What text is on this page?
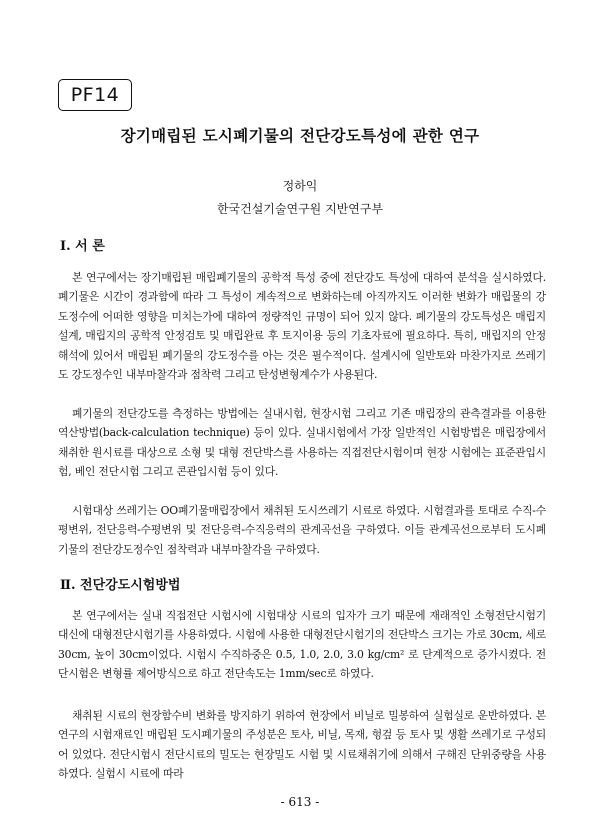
PF14
장기매립된 도시폐기물의 전단강도특성에 관한 연구
정하익
한국건설기술연구원 지반연구부
Ⅰ. 서 론

본 연구에서는 장기매립된 매립폐기물의 공학적 특성 중에 전단강도 특성에 대하여 분석을 실시하였다. 폐기물은 시간이 경과함에 따라 그 특성이 계속적으로 변화하는데 아직까지도 이러한 변화가 매립물의 강도정수에 어떠한 영향을 미치는가에 대하여 정량적인 규명이 되어 있지 않다. 폐기물의 강도특성은 매립지 설계, 매립지의 공학적 안정검토 및 매립완료 후 토지이용 등의 기초자료에 필요하다. 특히, 매립지의 안정해석에 있어서 매립된 폐기물의 강도정수를 아는 것은 필수적이다. 설계시에 일반토와 마찬가지로 쓰레기도 강도정수인 내부마찰각과 점착력 그리고 탄성변형계수가 사용된다.

폐기물의 전단강도를 측정하는 방법에는 실내시험, 현장시험 그리고 기존 매립장의 관측결과를 이용한 역산방법(back-calculation technique) 등이 있다. 실내시험에서 가장 일반적인 시험방법은 매립장에서 채취한 원시료를 대상으로 소형 및 대형 전단박스를 사용하는 직접전단시험이며 현장 시험에는 표준관입시험, 베인 전단시험 그리고 콘관입시험 등이 있다.

시험대상 쓰레기는 OO폐기물매립장에서 채취된 도시쓰레기 시료로 하였다. 시험결과를 토대로 수직-수평변위, 전단응력-수평변위 및 전단응력-수직응력의 관계곡선을 구하였다. 이들 관계곡선으로부터 도시폐기물의 전단강도정수인 점착력과 내부마찰각을 구하였다.

Ⅱ. 전단강도시험방법

본 연구에서는 실내 직접전단 시험시에 시험대상 시료의 입자가 크기 때문에 재래적인 소형전단시험기 대신에 대형전단시험기를 사용하였다. 시험에 사용한 대형전단시험기의 전단박스 크기는 가로 30cm, 세로 30cm, 높이 30cm이었다. 시험시 수직하중은 0.5, 1.0, 2.0, 3.0 kg/cm² 로 단계적으로 증가시켰다. 전단시험은 변형률 제어방식으로 하고 전단속도는 1mm/sec로 하였다.

채취된 시료의 현장함수비 변화를 방지하기 위하여 현장에서 비닐로 밀봉하여 실험실로 운반하였다. 본 연구의 시험재료인 매립된 도시폐기물의 주성분은 토사, 비닐, 목재, 헝겊 등 토사 및 생활 쓰레기로 구성되어 있었다. 전단시험시 전단시료의 밀도는 현장밀도 시험 및 시료채취기에 의해서 구해진 단위중량을 사용하였다. 실험시 시료에 따라

- 613 -
